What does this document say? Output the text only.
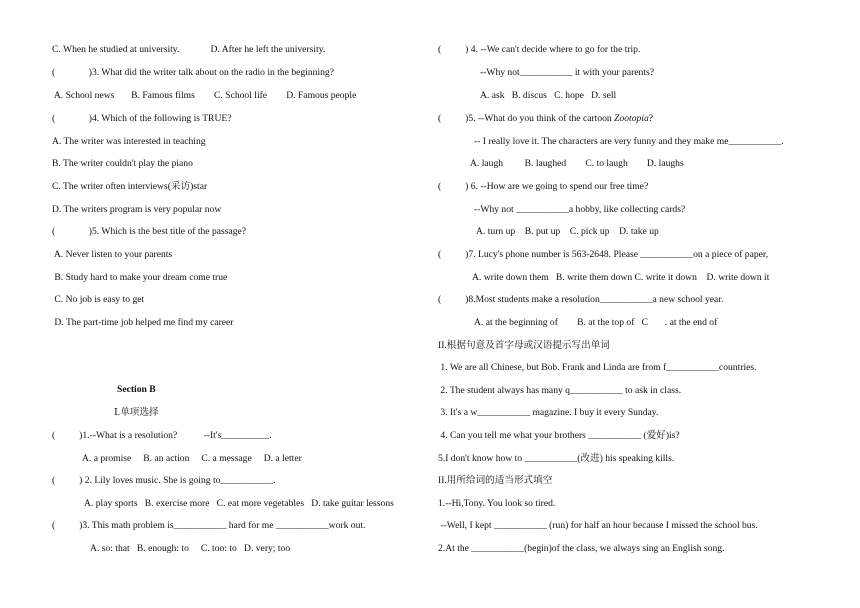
C. When he studied at university.             D. After he left the university.
(              )3. What did the writer talk about on the radio in the beginning?
A. School news       B. Famous films        C. School life        D. Famous people
(              )4. Which of the following is TRUE?
A. The writer was interested in teaching
B. The writer couldn't play the piano
C. The writer often interviews(采访)star
D. The writers program is very popular now
(              )5. Which is the best title of the passage?
A. Never listen to your parents
B. Study hard to make your dream come true
C. No job is easy to get
D. The part-time job helped me find my career
Section B
Ⅰ.单项选择
(          )1.--What is a resolution?           --It's__________.
A. a promise     B. an action     C. a message     D. a letter
(          ) 2. Lily loves music. She is going to___________.
A. play sports   B. exercise more   C. eat more vegetables   D. take guitar lessons
(          )3. This math problem is___________ hard for me ___________work out.
A. so: that   B. enough: to     C. too: to   D. very; too
(          ) 4. --We can't decide where to go for the trip.
--Why not___________ it with your parents?
A. ask   B. discus   C. hope   D. sell
(          )5. --What do you think of the cartoon Zootopia?
-- I really love it. The characters are very funny and they make me___________.
A. laugh         B. laughed        C. to laugh        D. laughs
(          ) 6. --How are we going to spend our free time?
--Why not ___________a hobby, like collecting cards?
A. turn up    B. put up    C. pick up    D. take up
(          )7. Lucy's phone number is 563-2648. Please ___________on a piece of paper,
A. write down them   B. write them down C. write it down    D. write down it
(          )8.Most students make a resolution___________a new school year.
A. at the beginning of        B. at the top of   C       . at the end of
II.根据句意及首字母或汉语提示写出单词
1. We are all Chinese, but Bob. Frank and Linda are from f___________countries.
2. The student always has many q___________ to ask in class.
3. It's a w___________ magazine. I buy it every Sunday.
4. Can you tell me what your brothers ___________ (爱好)is?
5.I don't know how to ___________(改进) his speaking kills.
II.用所给词的适当形式填空
1.--Hi,Tony. You look so tired.
--Well, I kept ___________ (run) for half an hour because I missed the school bus.
2.At the ___________(begin)of the class, we always sing an English song.
